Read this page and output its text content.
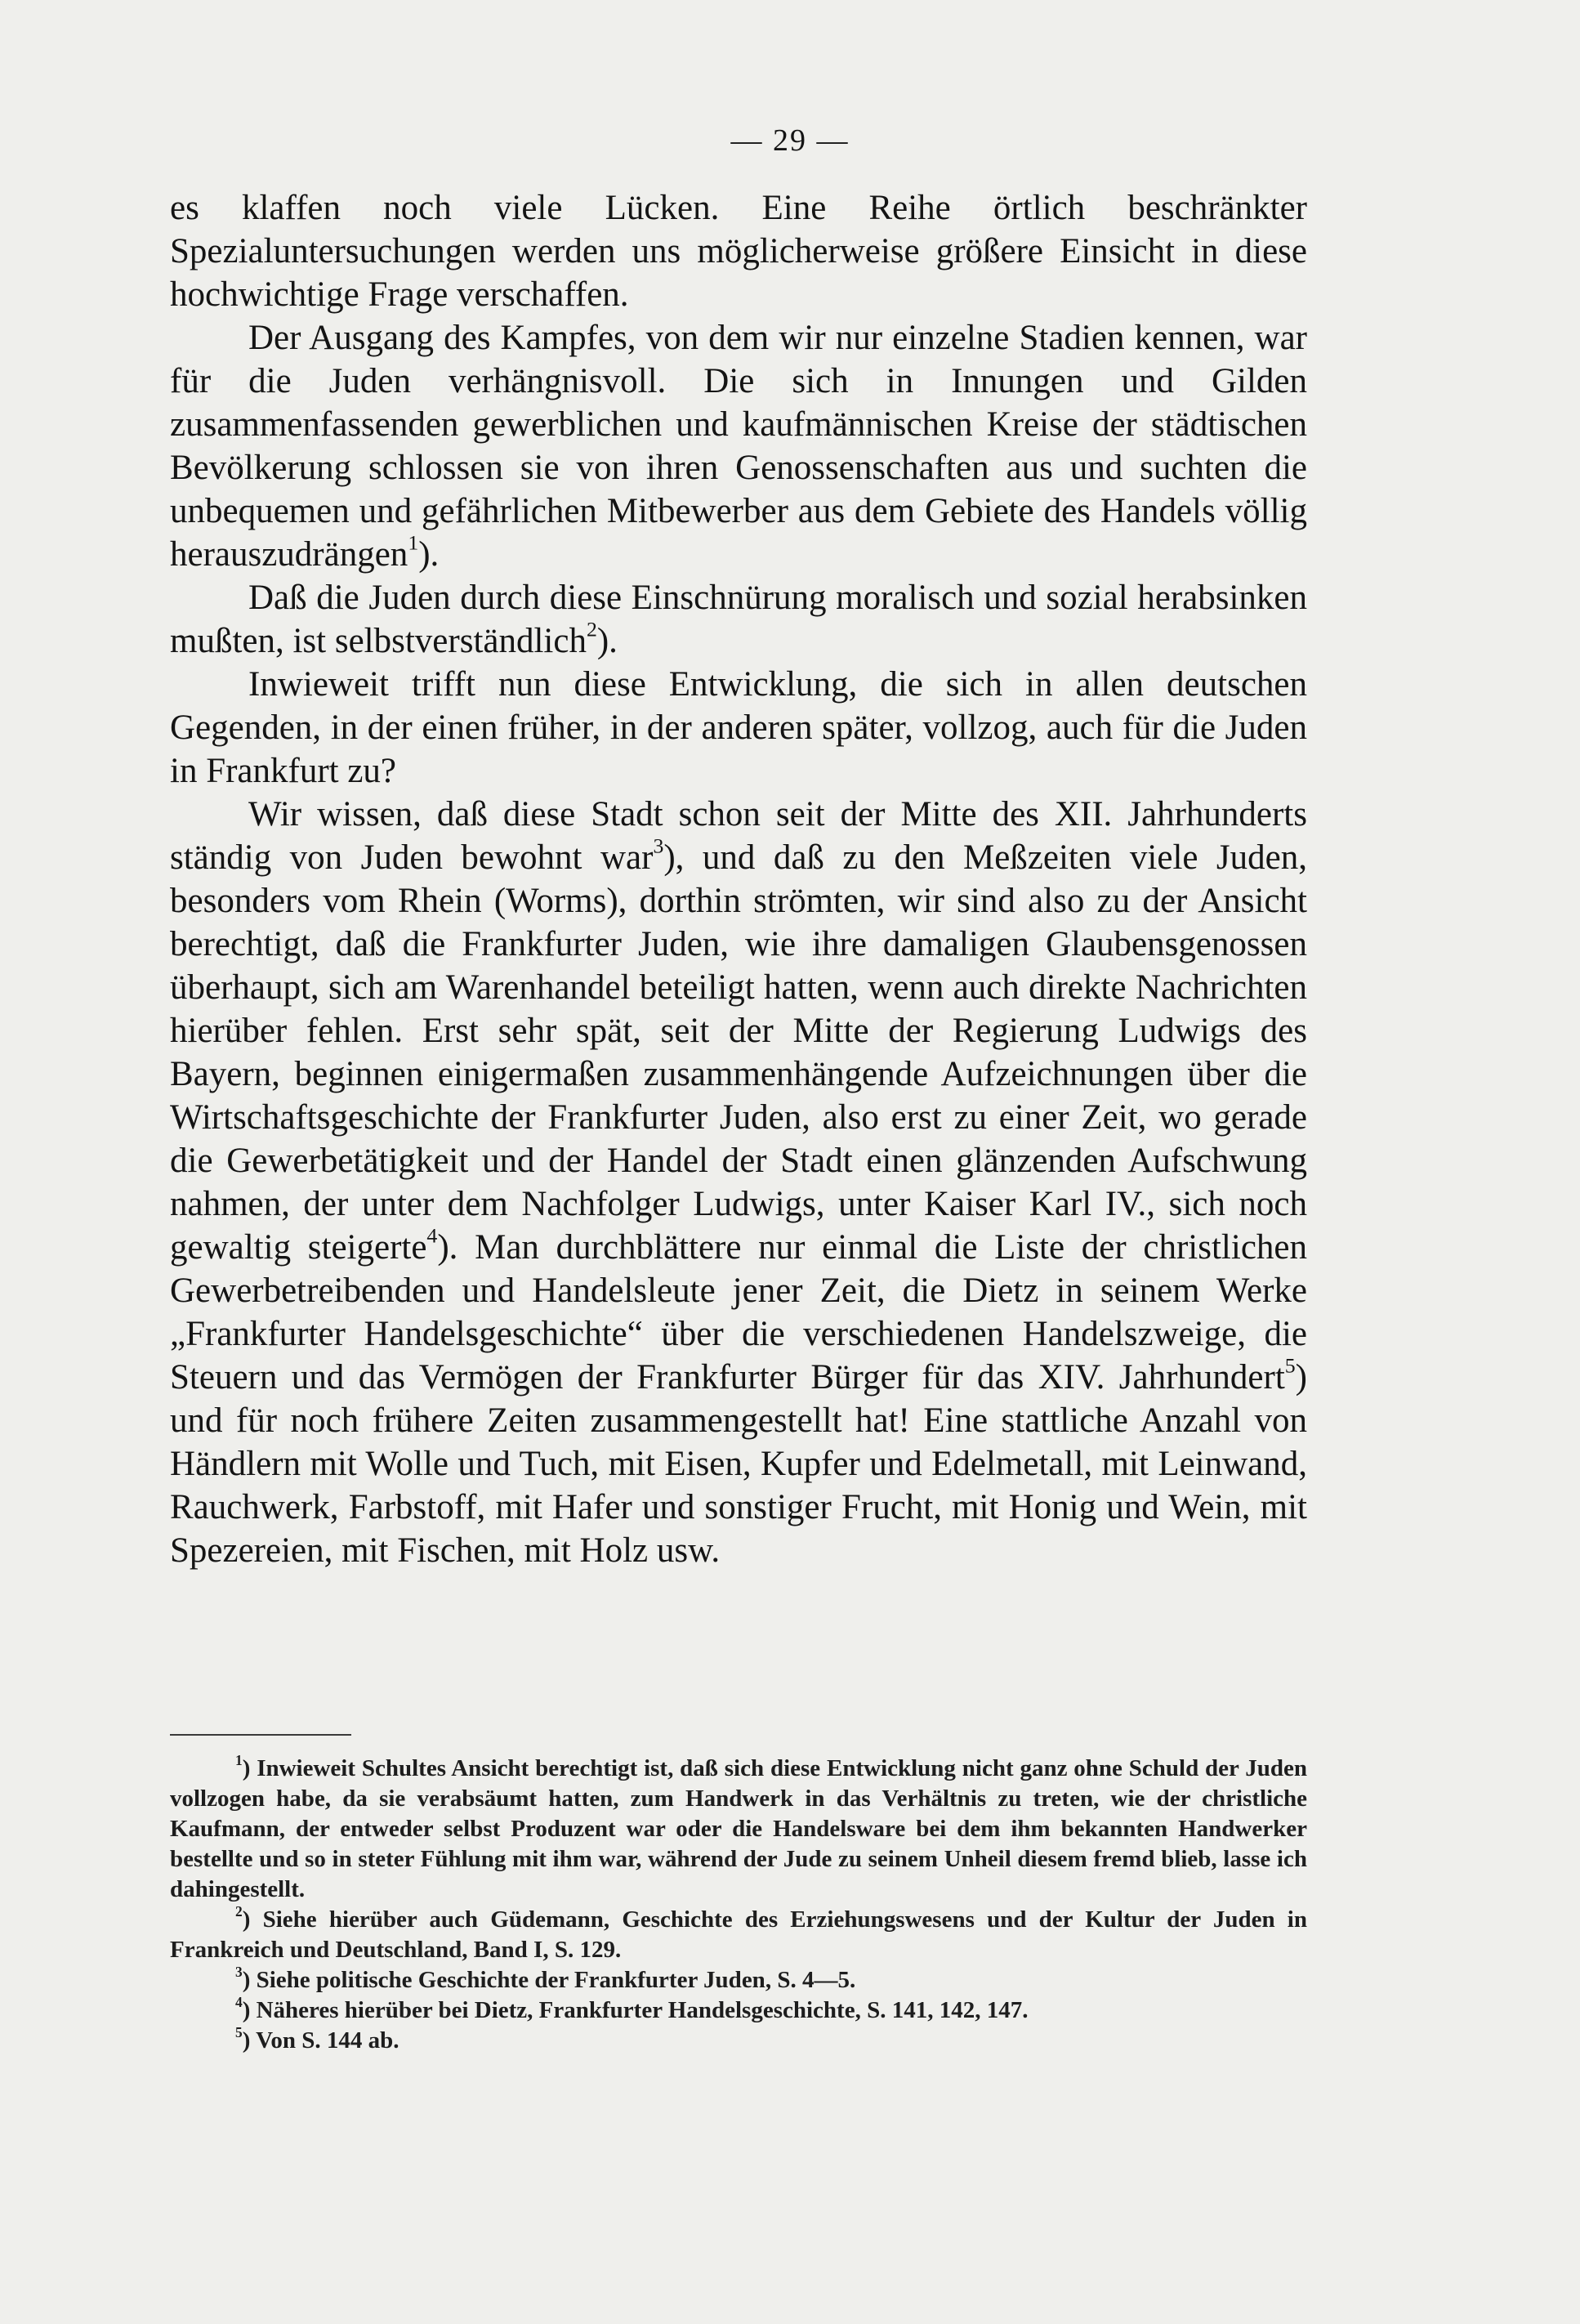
— 29 —

es klaffen noch viele Lücken. Eine Reihe örtlich beschränkter Spezialuntersuchungen werden uns möglicherweise größere Einsicht in diese hochwichtige Frage verschaffen.

Der Ausgang des Kampfes, von dem wir nur einzelne Stadien kennen, war für die Juden verhängnisvoll. Die sich in Innungen und Gilden zusammenfassenden gewerblichen und kaufmännischen Kreise der städtischen Bevölkerung schlossen sie von ihren Genossenschaften aus und suchten die unbequemen und gefährlichen Mitbewerber aus dem Gebiete des Handels völlig herauszudrängen$^1$).

Daß die Juden durch diese Einschnürung moralisch und sozial herabsinken mußten, ist selbstverständlich$^2$).

Inwieweit trifft nun diese Entwicklung, die sich in allen deutschen Gegenden, in der einen früher, in der anderen später, vollzog, auch für die Juden in Frankfurt zu?

Wir wissen, daß diese Stadt schon seit der Mitte des XII. Jahrhunderts ständig von Juden bewohnt war$^3$), und daß zu den Meßzeiten viele Juden, besonders vom Rhein (Worms), dorthin strömten, wir sind also zu der Ansicht berechtigt, daß die Frankfurter Juden, wie ihre damaligen Glaubensgenossen überhaupt, sich am Warenhandel beteiligt hatten, wenn auch direkte Nachrichten hierüber fehlen. Erst sehr spät, seit der Mitte der Regierung Ludwigs des Bayern, beginnen einigermaßen zusammenhängende Aufzeichnungen über die Wirtschaftsgeschichte der Frankfurter Juden, also erst zu einer Zeit, wo gerade die Gewerbetätigkeit und der Handel der Stadt einen glänzenden Aufschwung nahmen, der unter dem Nachfolger Ludwigs, unter Kaiser Karl IV., sich noch gewaltig steigerte$^4$). Man durchblättere nur einmal die Liste der christlichen Gewerbetreibenden und Handelsleute jener Zeit, die Dietz in seinem Werke „Frankfurter Handelsgeschichte“ über die verschiedenen Handelszweige, die Steuern und das Vermögen der Frankfurter Bürger für das XIV. Jahrhundert$^5$) und für noch frühere Zeiten zusammengestellt hat! Eine stattliche Anzahl von Händlern mit Wolle und Tuch, mit Eisen, Kupfer und Edelmetall, mit Leinwand, Rauchwerk, Farbstoff, mit Hafer und sonstiger Frucht, mit Honig und Wein, mit Spezereien, mit Fischen, mit Holz usw.

$^1$) Inwieweit Schultes Ansicht berechtigt ist, daß sich diese Entwicklung nicht ganz ohne Schuld der Juden vollzogen habe, da sie verabsäumt hatten, zum Handwerk in das Verhältnis zu treten, wie der christliche Kaufmann, der entweder selbst Produzent war oder die Handelsware bei dem ihm bekannten Handwerker bestellte und so in steter Fühlung mit ihm war, während der Jude zu seinem Unheil diesem fremd blieb, lasse ich dahingestellt.

$^2$) Siehe hierüber auch Güdemann, Geschichte des Erziehungswesens und der Kultur der Juden in Frankreich und Deutschland, Band I, S. 129.

$^3$) Siehe politische Geschichte der Frankfurter Juden, S. 4—5.

$^4$) Näheres hierüber bei Dietz, Frankfurter Handelsgeschichte, S. 141, 142, 147.

$^5$) Von S. 144 ab.
